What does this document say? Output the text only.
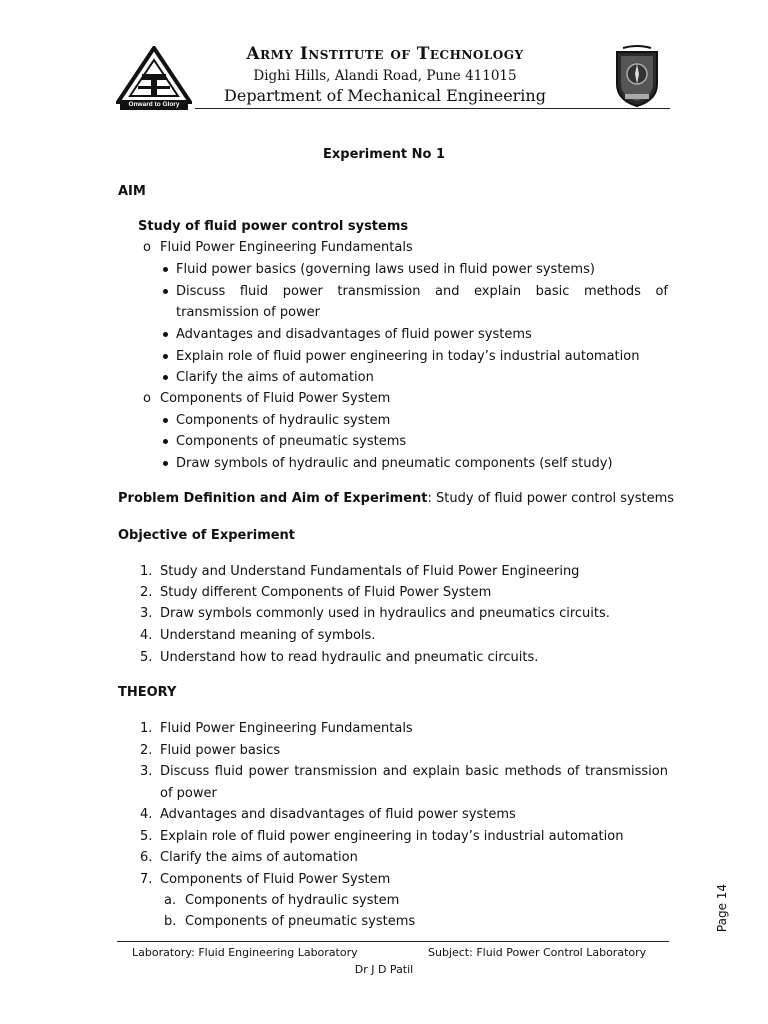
Onward to Glory
Army Institute of Technology
Dighi Hills, Alandi Road, Pune 411015
Department of Mechanical Engineering
Experiment No 1
AIM
Study of fluid power control systems
o Fluid Power Engineering Fundamentals
Fluid power basics (governing laws used in fluid power systems)
Discuss fluid power transmission and explain basic methods of
transmission of power
Advantages and disadvantages of fluid power systems
Explain role of fluid power engineering in today’s industrial automation
Clarify the aims of automation
o Components of Fluid Power System
Components of hydraulic system
Components of pneumatic systems
Draw symbols of hydraulic and pneumatic components (self study)
Problem Definition and Aim of Experiment: Study of fluid power control systems
Objective of Experiment
1. Study and Understand Fundamentals of Fluid Power Engineering
2. Study different Components of Fluid Power System
3. Draw symbols commonly used in hydraulics and pneumatics circuits.
4. Understand meaning of symbols.
5. Understand how to read hydraulic and pneumatic circuits.
THEORY
1. Fluid Power Engineering Fundamentals
2. Fluid power basics
3. Discuss fluid power transmission and explain basic methods of transmission
of power
4. Advantages and disadvantages of fluid power systems
5. Explain role of fluid power engineering in today’s industrial automation
6. Clarify the aims of automation
7. Components of Fluid Power System
a. Components of hydraulic system
b. Components of pneumatic systems	Page 14
Laboratory: Fluid Engineering Laboratory	Subject: Fluid Power Control Laboratory
Dr J D Patil
